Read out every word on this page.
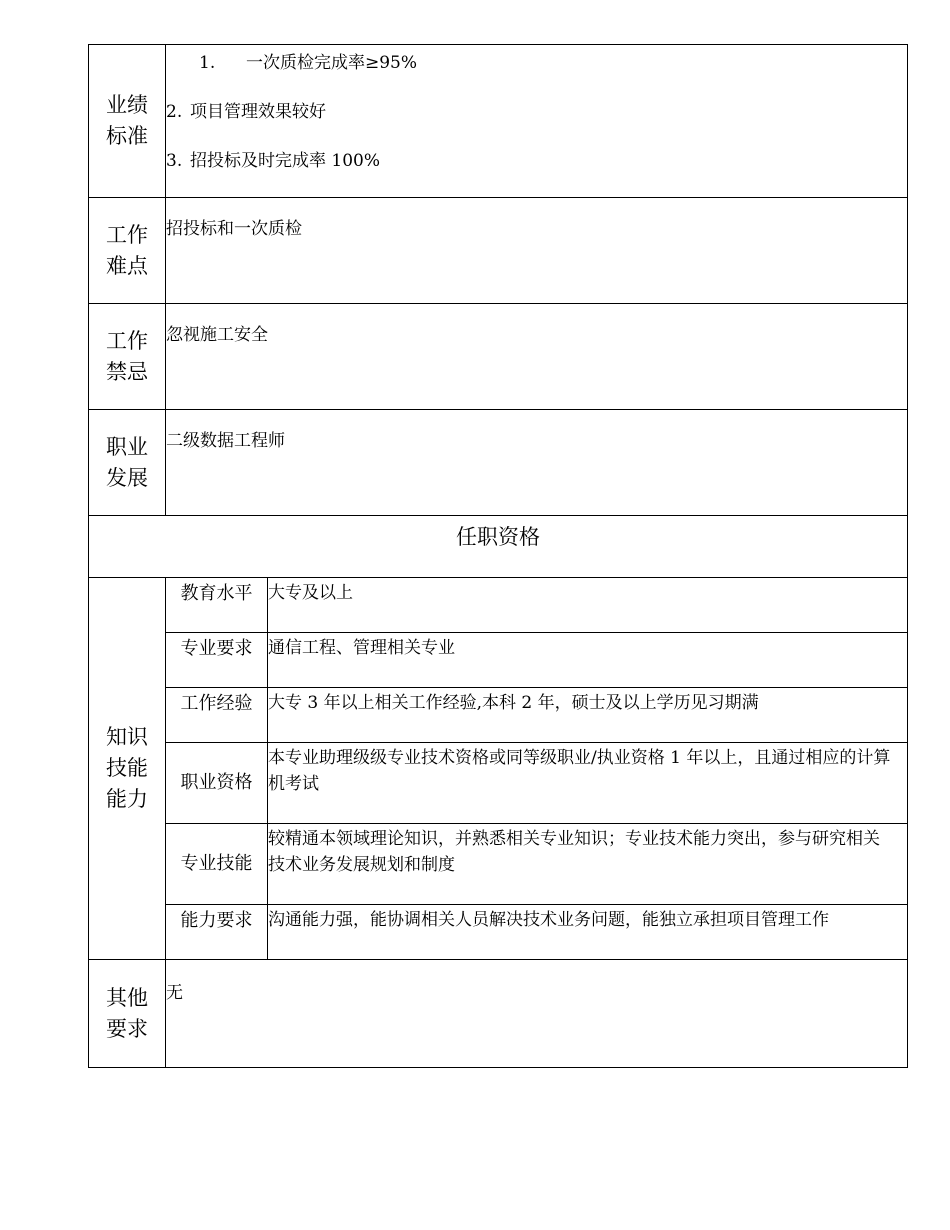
业绩标准	1. 一次质检完成率≥95%
2. 项目管理效果较好
3. 招投标及时完成率 100%	

工作难点	招投标和一次质检	
工作禁忌	忽视施工安全	
职业发展	二级数据工程师	
任职资格		
知识技能能力	教育水平	大专及以上
	专业要求	通信工程、管理相关专业
	工作经验	大专 3 年以上相关工作经验,本科 2 年，硕士及以上学历见习期满
	职业资格	本专业助理级级专业技术资格或同等级职业/执业资格 1 年以上，且通过相应的计算机考试
	专业技能	较精通本领域理论知识，并熟悉相关专业知识；专业技术能力突出，参与研究相关技术业务发展规划和制度
	能力要求	沟通能力强，能协调相关人员解决技术业务问题，能独立承担项目管理工作
其他要求	无	
